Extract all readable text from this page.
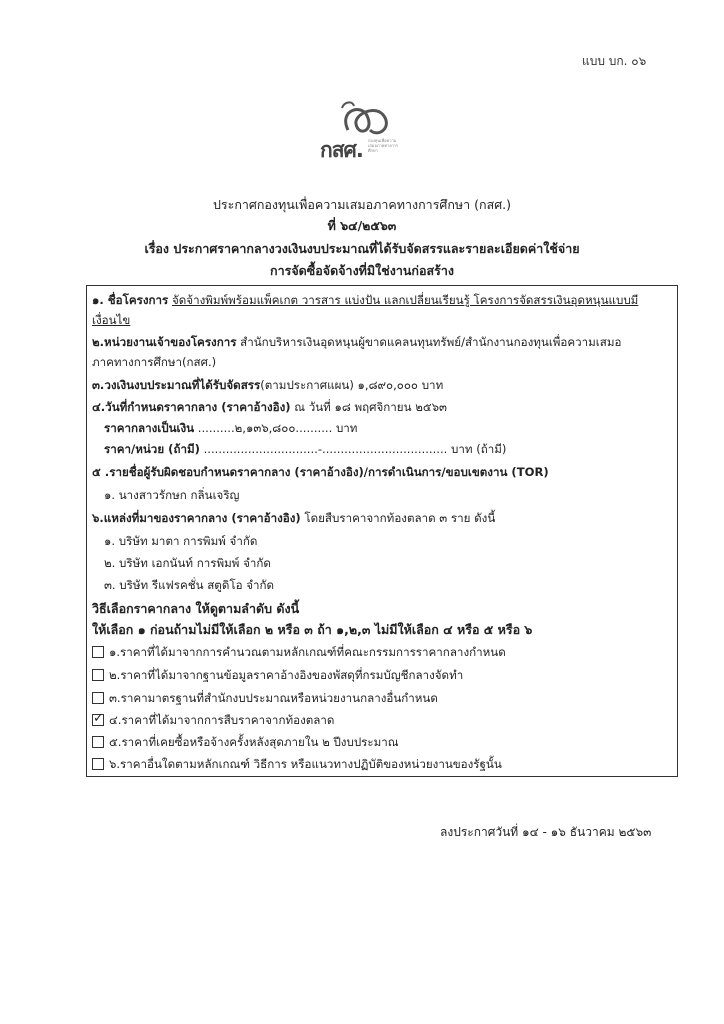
แบบ บก. ๐๖
กสศ. กองทุนเพื่อความเสมอภาคทางการศึกษา
ประกาศกองทุนเพื่อความเสมอภาคทางการศึกษา (กสศ.)
ที่ ๖๔/๒๕๖๓
เรื่อง ประกาศราคากลางวงเงินงบประมาณที่ได้รับจัดสรรและรายละเอียดค่าใช้จ่าย
การจัดซื้อจัดจ้างที่มิใช่งานก่อสร้าง
๑. ชื่อโครงการ จัดจ้างพิมพ์พร้อมแพ็คเกต วารสาร แบ่งปัน แลกเปลี่ยนเรียนรู้ โครงการจัดสรรเงินอุดหนุนแบบมี
เงื่อนไข
๒.หน่วยงานเจ้าของโครงการ สำนักบริหารเงินอุดหนุนผู้ขาดแคลนทุนทรัพย์/สำนักงานกองทุนเพื่อความเสมอ
ภาคทางการศึกษา(กสศ.)
๓.วงเงินงบประมาณที่ได้รับจัดสรร(ตามประกาศแผน) ๑,๘๙๐,๐๐๐ บาท
๔.วันที่กำหนดราคากลาง (ราคาอ้างอิง) ณ วันที่ ๑๘ พฤศจิกายน ๒๕๖๓
ราคากลางเป็นเงิน ..........๒,๑๓๖,๘๐๐.......... บาท
ราคา/หน่วย (ถ้ามี) ...............................-.................................. บาท (ถ้ามี)
๕ .รายชื่อผู้รับผิดชอบกำหนดราคากลาง (ราคาอ้างอิง)/การดำเนินการ/ขอบเขตงาน (TOR)
๑. นางสาวรักษก กลิ่นเจริญ
๖.แหล่งที่มาของราคากลาง (ราคาอ้างอิง) โดยสืบราคาจากท้องตลาด ๓ ราย ดังนี้
๑. บริษัท มาตา การพิมพ์ จำกัด
๒. บริษัท เอกนันท์ การพิมพ์ จำกัด
๓. บริษัท รีแฟรคชั่น สตูดิโอ จำกัด
วิธีเลือกราคากลาง ให้ดูตามลำดับ ดังนี้
ให้เลือก ๑ ก่อนถ้ามไม่มีให้เลือก ๒ หรือ ๓ ถ้า ๑,๒,๓ ไม่มีให้เลือก ๔ หรือ ๕ หรือ ๖
๑.ราคาที่ได้มาจากการคำนวณตามหลักเกณฑ์ที่คณะกรรมการราคากลางกำหนด
๒.ราคาที่ได้มาจากฐานข้อมูลราคาอ้างอิงของพัสดุที่กรมบัญชีกลางจัดทำ
๓.ราคามาตรฐานที่สำนักงบประมาณหรือหน่วยงานกลางอื่นกำหนด
✓๔.ราคาที่ได้มาจากการสืบราคาจากท้องตลาด
๕.ราคาที่เคยซื้อหรือจ้างครั้งหลังสุดภายใน ๒ ปีงบประมาณ
๖.ราคาอื่นใดตามหลักเกณฑ์ วิธีการ หรือแนวทางปฏิบัติของหน่วยงานของรัฐนั้น
ลงประกาศวันที่ ๑๔ - ๑๖ ธันวาคม ๒๕๖๓
